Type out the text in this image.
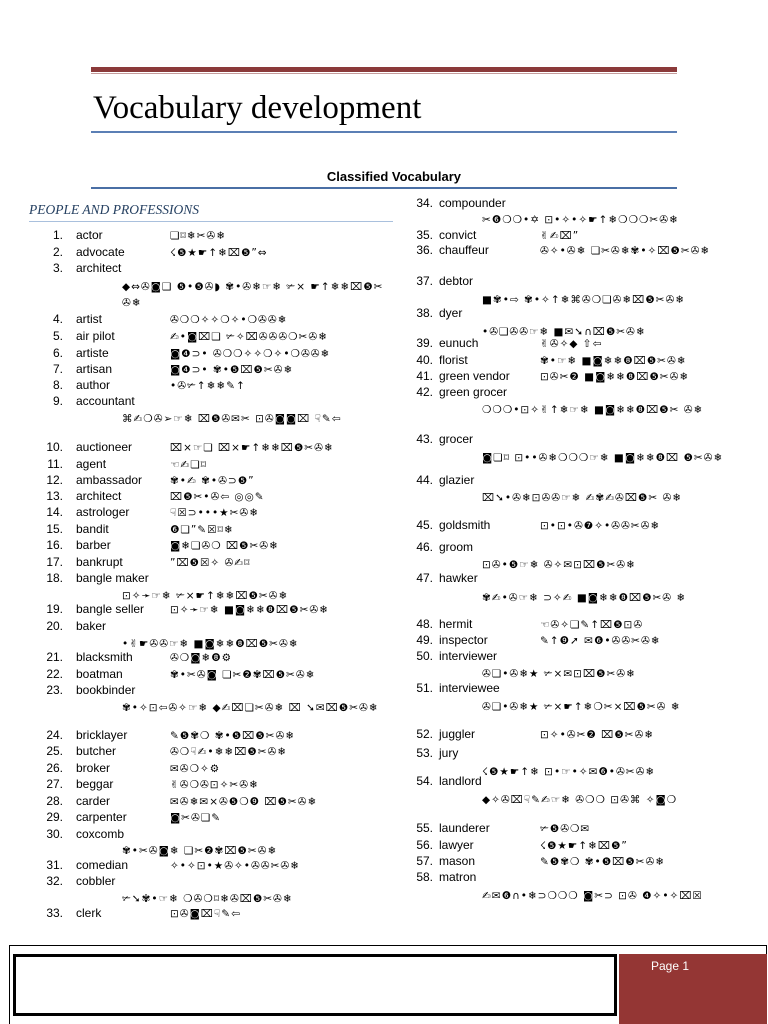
Vocabulary development
Classified Vocabulary
PEOPLE AND PROFESSIONS
1. actor	❏⌑❄✂✇❄
2. advocate	☇❺★☛↑❄⌧❺”⇔
3. architect
◆⇔✇◙❑ ❺•❺✇◗ ✾•✇❄☞❄ ✃× ☛↑❄❄⌧❺✂✇❄
4. artist	✇❍❍✧✧❍✧•❍✇✇❄
5. air pilot	✍•◙⌧❑ ✃✧⌧✇✇✇❍✂✇❄
6. artiste	◙❹⊃• ✇❍❍✧✧❍✧•❍✇✇❄
7. artisan	◙❹⊃• ✾•❺⌧❺✂✇❄
8. author	•✇✃↑❄❄✎↑
9. accountant
⌘✍❍✇➢☞❄ ⌧❺✇✉✂ ⊡✇◙◙⌧ ☟✎⇦
10. auctioneer	⌧×☞❏ ⌧×☛↑❄❄⌧❺✂✇❄
11. agent	☜✍❏⌑
12. ambassador	✾•✍ ✾•✇⊃❺”
13. architect	⌧❺✂•✇⇦ ◎◎✎
14. astrologer	☟☒⊃•••★✂✇❄
15. bandit	❻❏”✎☒⌑❄
16. barber	◙❄❏✇❍ ⌧❺✂✇❄
17. bankrupt	”⌧❺☒✧ ✇✍⌑
18. bangle maker
⊡✧➛☞❄ ✃×☛↑❄❄⌧❺✂✇❄
19. bangle seller ⊡✧➛☞❄ ■◙❄❄❽⌧❺✂✇❄
20. baker
•✌☛✇✇☞❄ ■◙❄❄❽⌧❺✂✇❄
21. blacksmith	✇❍◙❄❽⚙
22. boatman	✾•✂✇◙ ❏✂❷✾⌧❺✂✇❄
23. bookbinder
✾•✧⊡⇦✇✧☞❄ ◆✍⌧❏✂✇❄ ⌧ ➘✉⌧❺✂✇❄
24. bricklayer	✎❺✾❍ ✾•❺⌧❺✂✇❄
25. butcher	✇❍☟✍•❄❄⌧❺✂✇❄
26. broker	✉✇❍✧⚙
27. beggar	✌✇❍✇⊡✧✂✇❄
28. carder	✉✇❄✉×✇❺❍❾ ⌧❺✂✇❄
29. carpenter	◙✂✇❏✎
30. coxcomb
✾•✂✇◙❄ ❏✂❷✾⌧❺✂✇❄
31. comedian	✧•✧⊡•★✇✧•✇✇✂✇❄
32. cobbler
✃➘✾•☞❄ ❍✇❍⌑❄✇⌧❺✂✇❄
33. clerk	⊡✇◙⌧☟✎⇦
34. compounder
✂❻❍❍•✡ ⊡•✧•✧☛↑❄❍❍❍✂✇❄
35. convict	✌✍⌧”
36. chauffeur	✇✧•✇❄ ❏✂✇❄✾•✧⌧❺✂✇❄
37. debtor
■✾•⇨ ✾•✧↑❄⌘✇❍❏✇❄⌧❺✂✇❄
38. dyer
•✇❏✇✇☞❄ ■✉➘∩⌧❺✂✇❄
39. eunuch	✌✇✧◆ ⇧⇦
40. florist	✾•☞❄ ■◙❄❄❽⌧❺✂✇❄
41. green vendor	⊡✇✂❷ ■◙❄❄❽⌧❺✂✇❄
42. green grocer
❍❍❍•⊡✧✌↑❄☞❄ ■◙❄❄❽⌧❺✂ ✇❄
43. grocer
◙❏⌑ ⊡••✇❄❍❍❍☞❄ ■◙❄❄❽⌧ ❺✂✇❄
44. glazier
⌧➘•✇❄⊡✇✇☞❄ ✍✾✍✇⌧❺✂ ✇❄
45. goldsmith	⊡•⊡•✇❼✧•✇✇✂✇❄
46. groom
⊡✇•❺☞❄ ✇✧✉⊡⌧❺✂✇❄
47. hawker
✾✍•✇☞❄ ⊃✧✍ ■◙❄❄❽⌧❺✂✇ ❄
48. hermit	☜✇✧❏✎↑⌧❺⊡✇
49. inspector	✎↑❾➚ ✉❻•✇✇✂✇❄
50. interviewer
✇❏•✇❄★ ✃×✉⊡⌧❺✂✇❄
51. interviewee
✇❏•✇❄★ ✃×☛↑❄❍✂×⌧❺✂✇ ❄
52. juggler	⊡✧•✇✂❷ ⌧❺✂✇❄
53. jury
☇❺★☛↑❄ ⊡•☞•✧✉❻•✇✂✇❄
54. landlord
◆✧✇⌧☟✎✍☞❄ ✇❍❍ ⊡✇⌘ ✧◙❍
55. launderer	✃❺✇❍✉
56. lawyer	☇❺★☛↑❄⌧❺”
57. mason	✎❺✾❍ ✾•❺⌧❺✂✇❄
58. matron
✍✉❻∩•❄⊃❍❍❍ ◙✂⊃ ⊡✇ ❹✧•✧⌧☒
Page 1
